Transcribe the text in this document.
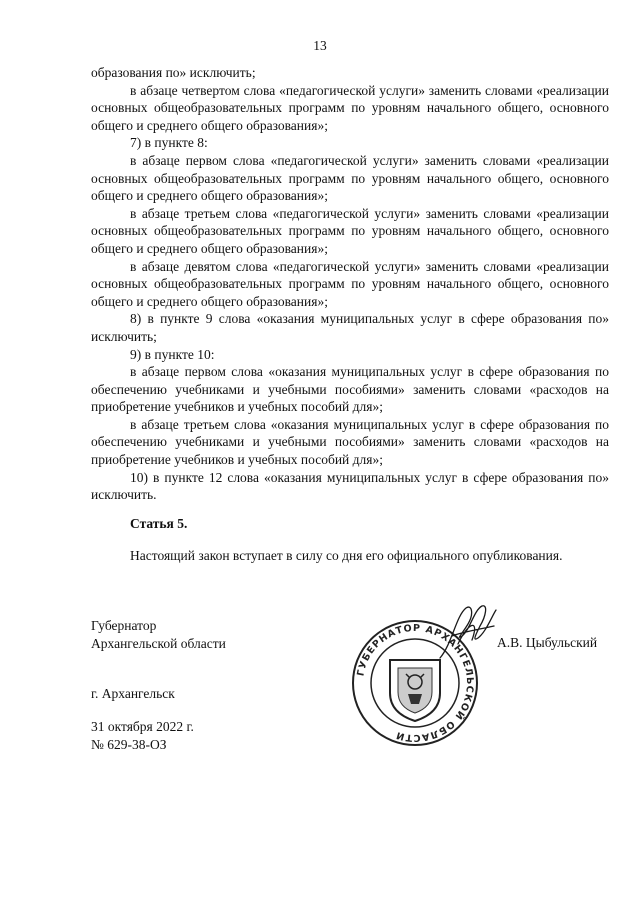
13

образования по» исключить;

в абзаце четвертом слова «педагогической услуги» заменить словами «реализации основных общеобразовательных программ по уровням начального общего, основного общего и среднего общего образования»;

7) в пункте 8:

в абзаце первом слова «педагогической услуги» заменить словами «реализации основных общеобразовательных программ по уровням начального общего, основного общего и среднего общего образования»;

в абзаце третьем слова «педагогической услуги» заменить словами «реализации основных общеобразовательных программ по уровням начального общего, основного общего и среднего общего образования»;

в абзаце девятом слова «педагогической услуги» заменить словами «реализации основных общеобразовательных программ по уровням начального общего, основного общего и среднего общего образования»;

8) в пункте 9 слова «оказания муниципальных услуг в сфере образования по» исключить;

9) в пункте 10:

в абзаце первом слова «оказания муниципальных услуг в сфере образования по обеспечению учебниками и учебными пособиями» заменить словами «расходов на приобретение учебников и учебных пособий для»;

в абзаце третьем слова «оказания муниципальных услуг в сфере образования по обеспечению учебниками и учебными пособиями» заменить словами «расходов на приобретение учебников и учебных пособий для»;

10) в пункте 12 слова «оказания муниципальных услуг в сфере образования по» исключить.

Статья 5.

Настоящий закон вступает в силу со дня его официального опубликования.

Губернатор
Архангельской области
ГУБЕРНАТОР АРХАНГЕЛЬСКОЙ ОБЛАСТИ
А.В. Цыбульский
г. Архангельск
31 октября 2022 г.
№ 629-38-ОЗ
